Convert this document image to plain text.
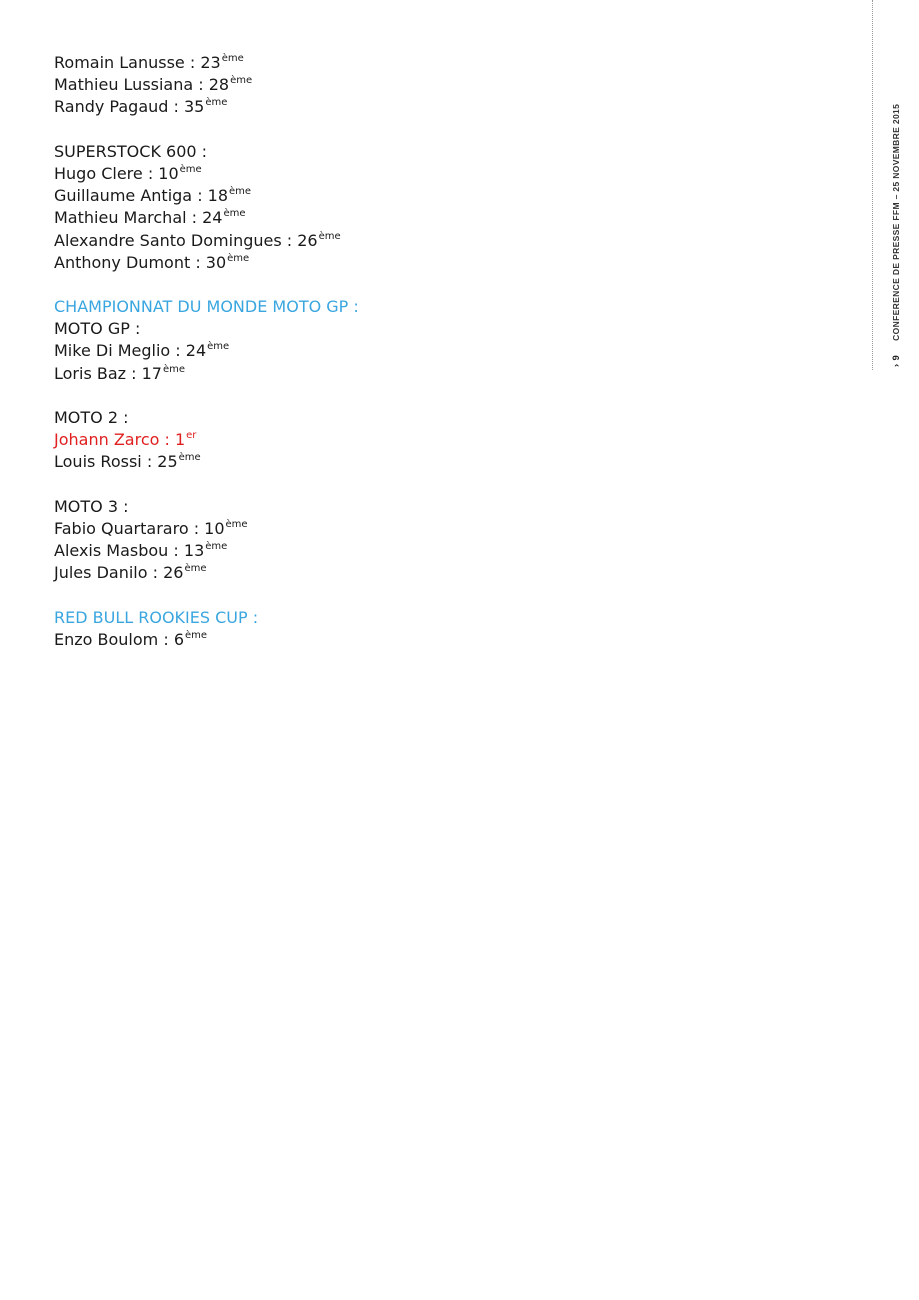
Romain Lanusse : 23ème
Mathieu Lussiana : 28ème
Randy Pagaud : 35ème
SUPERSTOCK 600 :
Hugo Clere : 10ème
Guillaume Antiga : 18ème
Mathieu Marchal : 24ème
Alexandre Santo Domingues : 26ème
Anthony Dumont : 30ème
CHAMPIONNAT DU MONDE MOTO GP :
MOTO GP :
Mike Di Meglio : 24ème
Loris Baz : 17ème
MOTO 2 :
Johann Zarco : 1er
Louis Rossi : 25ème
MOTO 3 :
Fabio Quartararo : 10ème
Alexis Masbou : 13ème
Jules Danilo : 26ème
RED BULL ROOKIES CUP :
Enzo Boulom : 6ème
› 9CONFERENCE DE PRESSE FFM – 25 NOVEMBRE 2015
